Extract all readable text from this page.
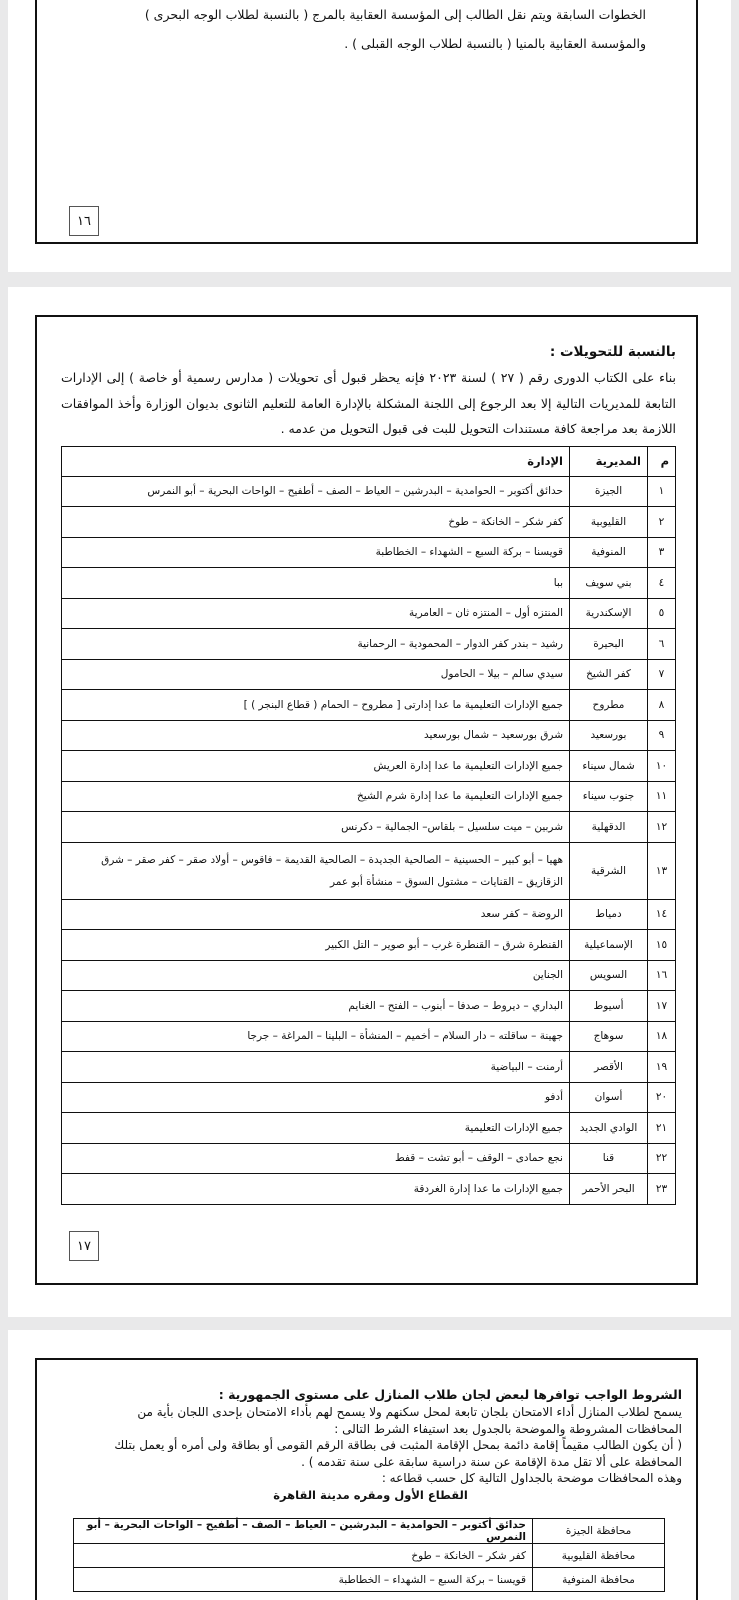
الخطوات السابقة ويتم نقل الطالب إلى المؤسسة العقابية بالمرج ( بالنسبة لطلاب الوجه البحرى )
والمؤسسة العقابية بالمنيا ( بالنسبة لطلاب الوجه القبلى ) .
١٦
بالنسبة للتحويلات :

بناء على الكتاب الدورى رقم ( ٢٧ ) لسنة ٢٠٢٣ فإنه يحظر قبول أى تحويلات ( مدارس رسمية أو خاصة ) إلى الإدارات التابعة للمديريات التالية إلا بعد الرجوع إلى اللجنة المشكلة بالإدارة العامة للتعليم الثانوى بديوان الوزارة وأخذ الموافقات اللازمة بعد مراجعة كافة مستندات التحويل للبت فى قبول التحويل من عدمه .

م	المديرية	الإدارة
١	الجيزة	حدائق أكتوبر – الحوامدية – البدرشين – العياط – الصف – أطفيح – الواحات البحرية – أبو النمرس
٢	القليوبية	كفر شكر – الخانكة – طوخ
٣	المنوفية	قويسنا – بركة السبع – الشهداء – الخطاطبة
٤	بني سويف	ببا
٥	الإسكندرية	المنتزه أول – المنتزه ثان – العامرية
٦	البحيرة	رشيد – بندر كفر الدوار – المحمودية – الرحمانية
٧	كفر الشيخ	سيدي سالم – بيلا – الحامول
٨	مطروح	جميع الإدارات التعليمية ما عدا إدارتى [ مطروح – الحمام ( قطاع البنجر ) ]
٩	بورسعيد	شرق بورسعيد – شمال بورسعيد
١٠	شمال سيناء	جميع الإدارات التعليمية ما عدا إدارة العريش
١١	جنوب سيناء	جميع الإدارات التعليمية ما عدا إدارة شرم الشيخ
١٢	الدقهلية	شربين – ميت سلسيل – بلقاس– الجمالية – دكرنس
١٣	الشرقية	ههيا – أبو كبير – الحسينية – الصالحية الجديدة – الصالحية القديمة – فاقوس – أولاد صقر – كفر صقر – شرق الزقازيق – القنايات – مشتول السوق – منشأة أبو عمر
١٤	دمياط	الروضة – كفر سعد
١٥	الإسماعيلية	القنطرة شرق – القنطرة غرب – أبو صوير – التل الكبير
١٦	السويس	الجناين
١٧	أسيوط	البداري – ديروط – صدفا – أبنوب – الفتح – الغنايم
١٨	سوهاج	جهينة – ساقلته – دار السلام – أخميم – المنشأة – البلينا – المراغة – جرجا
١٩	الأقصر	أرمنت – البياضية
٢٠	أسوان	أدفو
٢١	الوادي الجديد	جميع الإدارات التعليمية
٢٢	قنا	نجع حمادى – الوقف – أبو تشت – قفط
٢٣	البحر الأحمر	جميع الإدارات ما عدا إدارة الغردقة
١٧
الشروط الواجب توافرها لبعض لجان طلاب المنازل على مستوى الجمهورية :
يسمح لطلاب المنازل أداء الامتحان بلجان تابعة لمحل سكنهم ولا يسمح لهم بأداء الامتحان بإحدى اللجان بأية من
المحافظات المشروطة والموضحة بالجدول بعد استيفاء الشرط التالى :
( أن يكون الطالب مقيماً إقامة دائمة بمحل الإقامة المثبت فى بطاقة الرقم القومى أو بطاقة ولى أمره أو يعمل بتلك
المحافظة على ألا تقل مدة الإقامة عن سنة دراسية سابقة على سنة تقدمه ) .
وهذه المحافظات موضحة بالجداول التالية كل حسب قطاعه :
القطاع الأول ومقره مدينة القاهرة
محافظة الجيزة	حدائق أكتوبر – الحوامدية – البدرشين – العياط – الصف – أطفيح – الواحات البحرية – أبو النمرس
محافظة القليوبية	كفر شكر – الخانكة – طوخ
محافظة المنوفية	قويسنا – بركة السبع – الشهداء – الخطاطبة
